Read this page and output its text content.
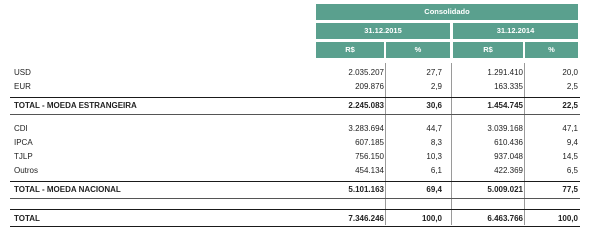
Consolidado
31.12.2015	31.12.2014
R$	%	R$	%
USD	2.035.207	27,7	1.291.410	20,0
EUR	209.876	2,9	163.335	2,5
TOTAL - MOEDA ESTRANGEIRA	2.245.083	30,6	1.454.745	22,5
CDI	3.283.694	44,7	3.039.168	47,1
IPCA	607.185	8,3	610.436	9,4
TJLP	756.150	10,3	937.048	14,5
Outros	454.134	6,1	422.369	6,5
TOTAL - MOEDA NACIONAL	5.101.163	69,4	5.009.021	77,5
TOTAL	7.346.246	100,0	6.463.766	100,0
